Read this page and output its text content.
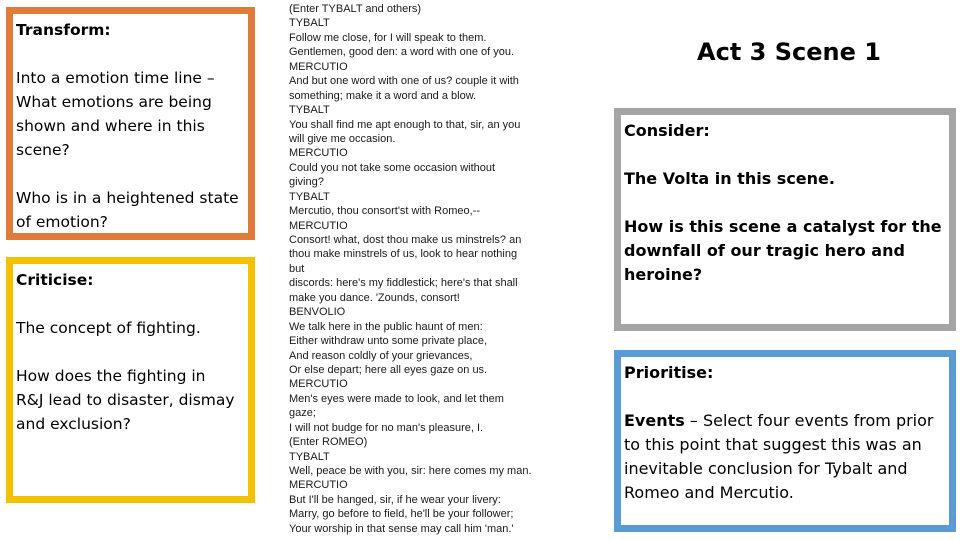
Transform:

Into a emotion time line –

What emotions are being

shown and where in this

scene?

Who is in a heightened state

of emotion?

Criticise:

The concept of fighting.

How does the fighting in

R&J lead to disaster, dismay

and exclusion?

(Enter TYBALT and others)
TYBALT
Follow me close, for I will speak to them.
Gentlemen, good den: a word with one of you.
MERCUTIO
And but one word with one of us? couple it with
something; make it a word and a blow.
TYBALT
You shall find me apt enough to that, sir, an you
will give me occasion.
MERCUTIO
Could you not take some occasion without
giving?
TYBALT
Mercutio, thou consort'st with Romeo,--
MERCUTIO
Consort! what, dost thou make us minstrels? an
thou make minstrels of us, look to hear nothing
but
discords: here's my fiddlestick; here's that shall
make you dance. 'Zounds, consort!
BENVOLIO
We talk here in the public haunt of men:
Either withdraw unto some private place,
And reason coldly of your grievances,
Or else depart; here all eyes gaze on us.
MERCUTIO
Men's eyes were made to look, and let them
gaze;
I will not budge for no man's pleasure, I.
(Enter ROMEO)
TYBALT
Well, peace be with you, sir: here comes my man.
MERCUTIO
But I'll be hanged, sir, if he wear your livery:
Marry, go before to field, he'll be your follower;
Your worship in that sense may call him 'man.'
Act 3 Scene 1

Consider:

The Volta in this scene.

How is this scene a catalyst for the

downfall of our tragic hero and

heroine?

Prioritise:

Events – Select four events from prior

to this point that suggest this was an

inevitable conclusion for Tybalt and

Romeo and Mercutio.
